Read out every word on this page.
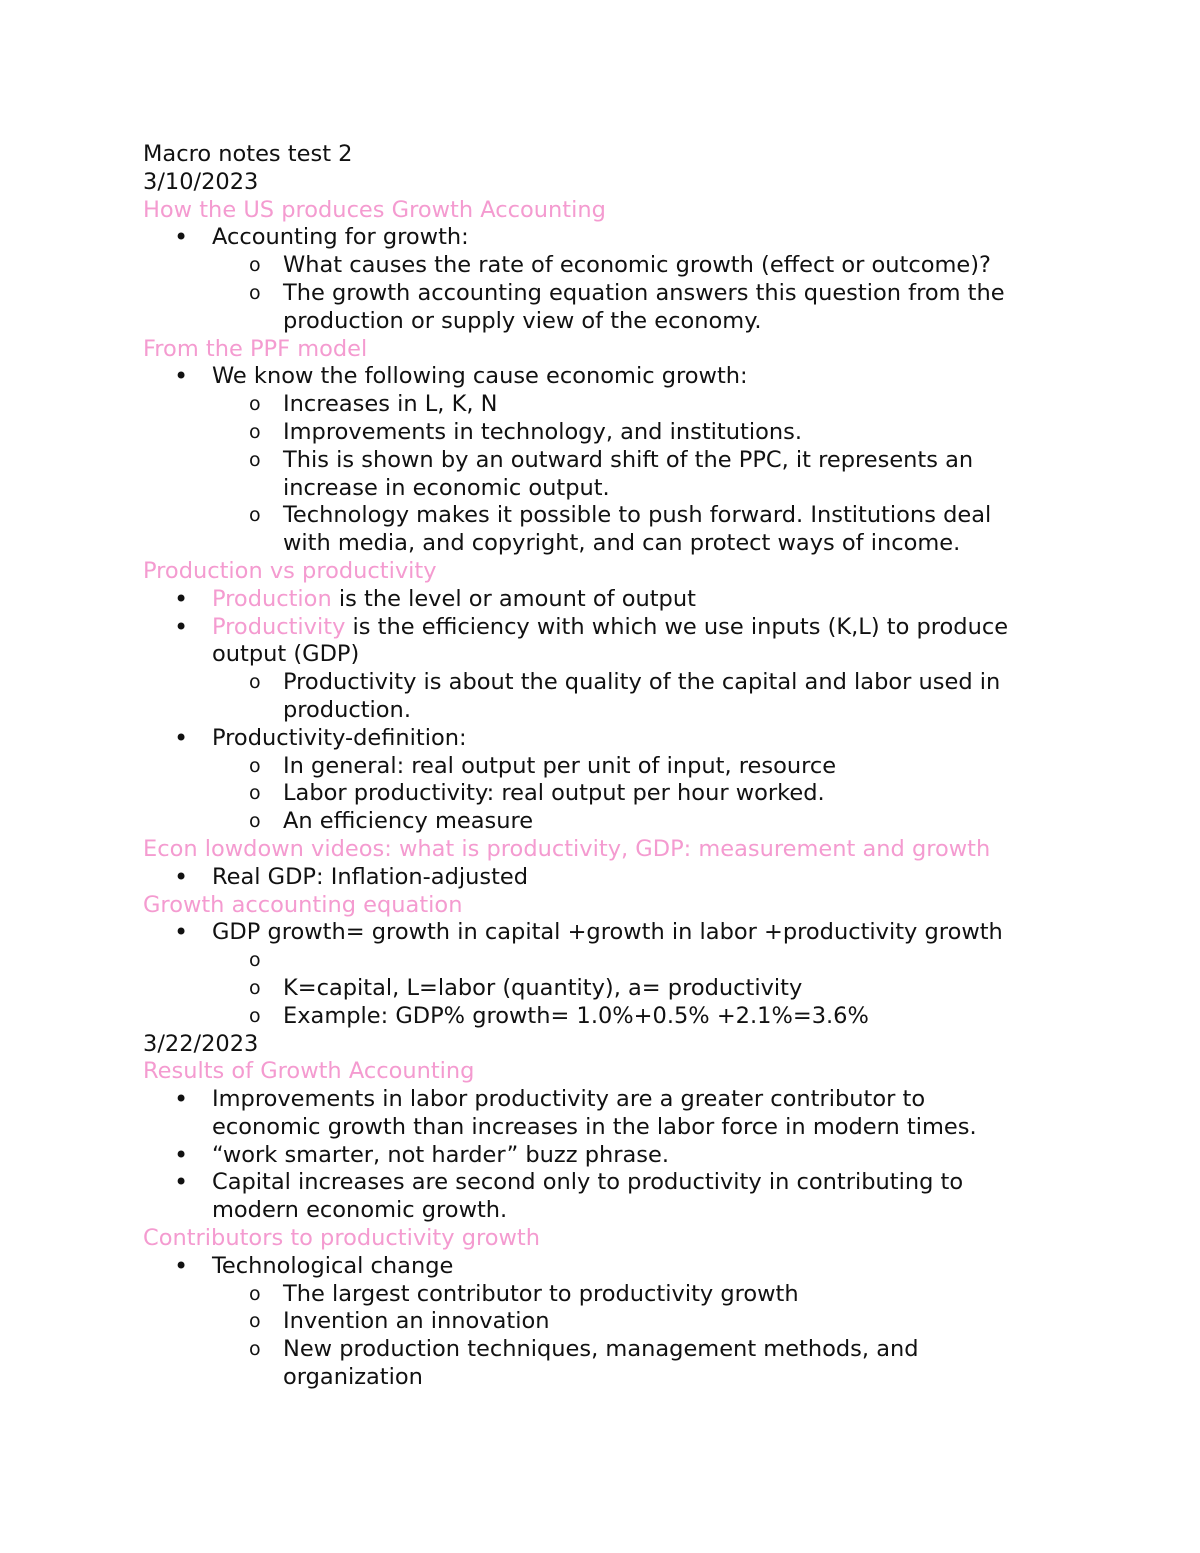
Macro notes test 2
3/10/2023
How the US produces Growth Accounting
•
Accounting for growth:
o
What causes the rate of economic growth (effect or outcome)?
o
The growth accounting equation answers this question from the
production or supply view of the economy.
From the PPF model
•
We know the following cause economic growth:
o
Increases in L, K, N
o
Improvements in technology, and institutions.
o
This is shown by an outward shift of the PPC, it represents an
increase in economic output.
o
Technology makes it possible to push forward. Institutions deal
with media, and copyright, and can protect ways of income.
Production vs productivity
•
Production is the level or amount of output
•
Productivity is the efficiency with which we use inputs (K,L) to produce
output (GDP)
o
Productivity is about the quality of the capital and labor used in
production.
•
Productivity-definition:
o
In general: real output per unit of input, resource
o
Labor productivity: real output per hour worked.
o
An efficiency measure
Econ lowdown videos: what is productivity, GDP: measurement and growth
•
Real GDP: Inflation-adjusted
Growth accounting equation
•
GDP growth= growth in capital +growth in labor +productivity growth
o

o
K=capital, L=labor (quantity), a= productivity
o
Example: GDP% growth= 1.0%+0.5% +2.1%=3.6%
3/22/2023
Results of Growth Accounting
•
Improvements in labor productivity are a greater contributor to
economic growth than increases in the labor force in modern times.
•
“work smarter, not harder” buzz phrase.
•
Capital increases are second only to productivity in contributing to
modern economic growth.
Contributors to productivity growth
•
Technological change
o
The largest contributor to productivity growth
o
Invention an innovation
o
New production techniques, management methods, and
organization
